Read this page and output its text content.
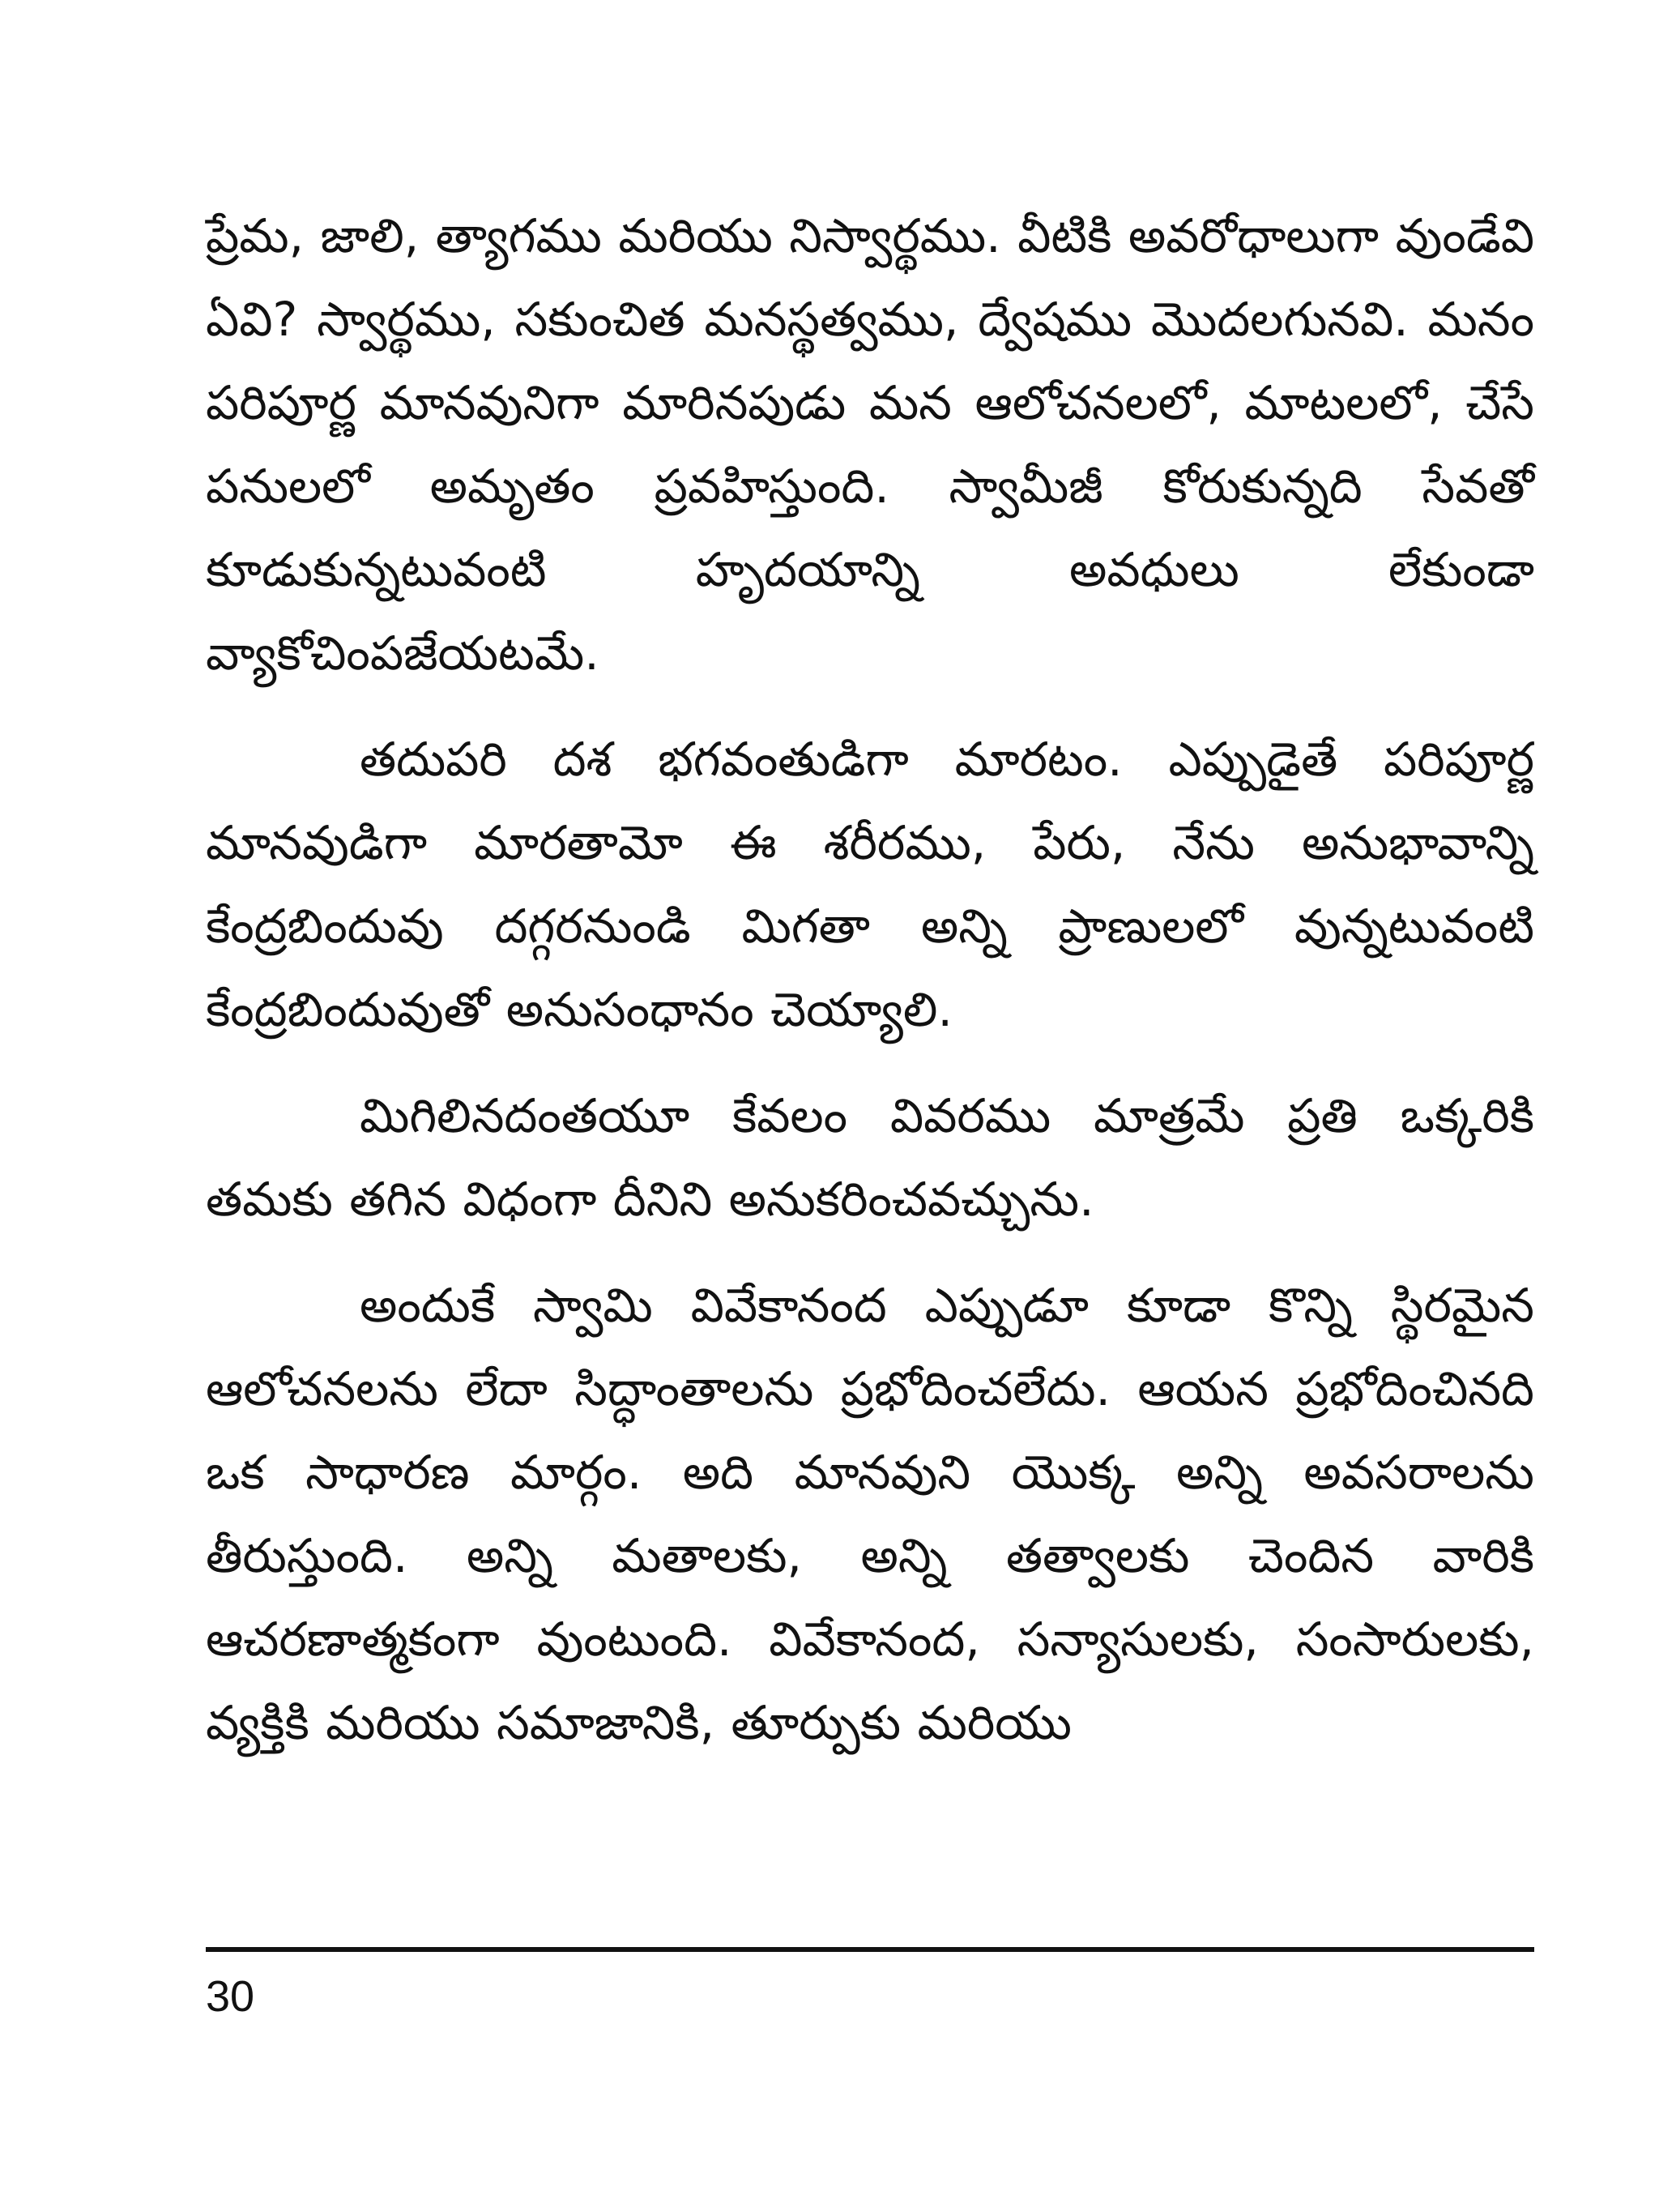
ప్రేమ, జాలి, త్యాగము మరియు నిస్వార్థము. వీటికి అవరోధాలుగా వుండేవి ఏవి? స్వార్థము, సకుంచిత మనస్థత్వము, ద్వేషము మొదలగునవి. మనం పరిపూర్ణ మానవునిగా మారినపుడు మన ఆలోచనలలో, మాటలలో, చేసే పనులలో అమృతం ప్రవహిస్తుంది. స్వామీజీ కోరుకున్నది సేవతో కూడుకున్నటువంటి హృదయాన్ని అవధులు లేకుండా వ్యాకోచింపజేయటమే.

తదుపరి దశ భగవంతుడిగా మారటం. ఎప్పుడైతే పరిపూర్ణ మానవుడిగా మారతామో ఈ శరీరము, పేరు, నేను అనుభావాన్ని కేంద్రబిందువు దగ్గరనుండి మిగతా అన్ని ప్రాణులలో వున్నటువంటి కేంద్రబిందువుతో అనుసంధానం చెయ్యాలి.

మిగిలినదంతయూ కేవలం వివరము మాత్రమే ప్రతి ఒక్కరికి తమకు తగిన విధంగా దీనిని అనుకరించవచ్చును.

అందుకే స్వామి వివేకానంద ఎప్పుడూ కూడా కొన్ని స్థిరమైన ఆలోచనలను లేదా సిద్ధాంతాలను ప్రభోదించలేదు. ఆయన ప్రభోదించినది ఒక సాధారణ మార్గం. అది మానవుని యొక్క అన్ని అవసరాలను తీరుస్తుంది. అన్ని మతాలకు, అన్ని తత్వాలకు చెందిన వారికి ఆచరణాత్మకంగా వుంటుంది. వివేకానంద, సన్యాసులకు, సంసారులకు, వ్యక్తికి మరియు సమాజానికి, తూర్పుకు మరియు

30
